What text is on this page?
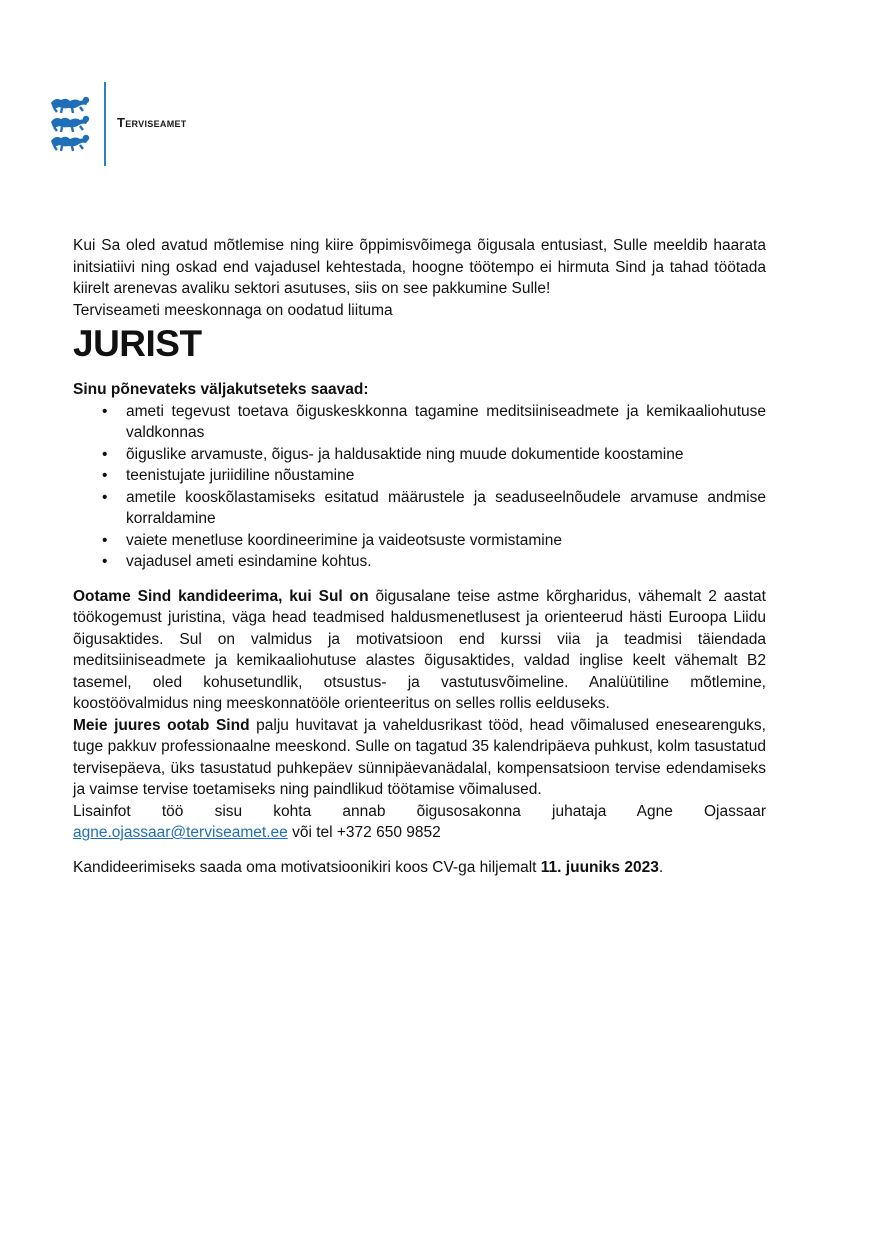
Terviseamet

Kui Sa oled avatud mõtlemise ning kiire õppimisvõimega õigusala entusiast, Sulle meeldib haarata initsiatiivi ning oskad end vajadusel kehtestada, hoogne töötempo ei hirmuta Sind ja tahad töötada kiirelt arenevas avaliku sektori asutuses, siis on see pakkumine Sulle!

Terviseameti meeskonnaga on oodatud liituma

JURIST

Sinu põnevateks väljakutseteks saavad:

• ameti tegevust toetava õiguskeskkonna tagamine meditsiiniseadmete ja kemikaaliohutuse valdkonnas
• õiguslike arvamuste, õigus- ja haldusaktide ning muude dokumentide koostamine
• teenistujate juriidiline nõustamine
• ametile kooskõlastamiseks esitatud määrustele ja seaduseelnõudele arvamuse andmise korraldamine
• vaiete menetluse koordineerimine ja vaideotsuste vormistamine
• vajadusel ameti esindamine kohtus.

Ootame Sind kandideerima, kui Sul on õigusalane teise astme kõrgharidus, vähemalt 2 aastat töökogemust juristina, väga head teadmised haldusmenetlusest ja orienteerud hästi Euroopa Liidu õigusaktides. Sul on valmidus ja motivatsioon end kurssi viia ja teadmisi täiendada meditsiiniseadmete ja kemikaaliohutuse alastes õigusaktides, valdad inglise keelt vähemalt B2 tasemel, oled kohusetundlik, otsustus- ja vastutusvõimeline. Analüütiline mõtlemine, koostöövalmidus ning meeskonnatööle orienteeritus on selles rollis eelduseks.

Meie juures ootab Sind palju huvitavat ja vaheldusrikast tööd, head võimalused enesearenguks, tuge pakkuv professionaalne meeskond. Sulle on tagatud 35 kalendripäeva puhkust, kolm tasustatud tervisepäeva, üks tasustatud puhkepäev sünnipäevanädalal, kompensatsioon tervise edendamiseks ja vaimse tervise toetamiseks ning paindlikud töötamise võimalused.

Lisainfot töö sisu kohta annab õigusosakonna juhataja Agne Ojassaar

agne.ojassaar@terviseamet.ee või tel +372 650 9852

Kandideerimiseks saada oma motivatsioonikiri koos CV-ga hiljemalt 11. juuniks 2023.
